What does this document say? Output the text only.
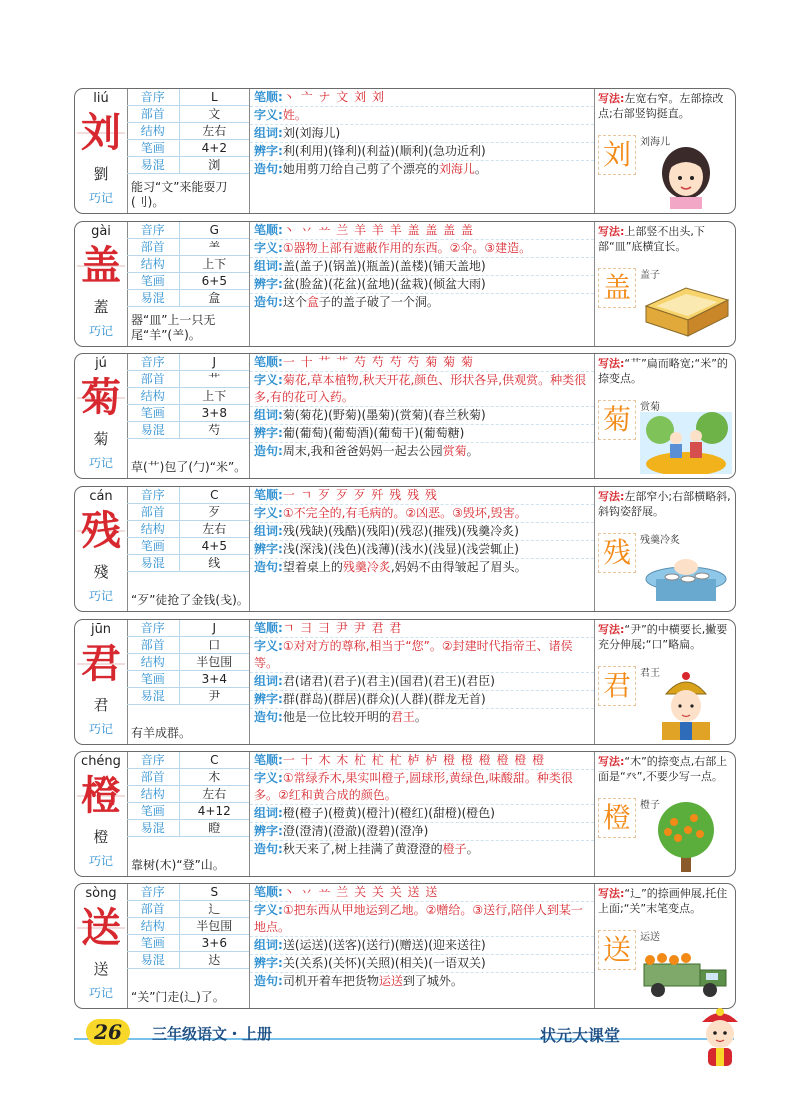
liú
刘
劉
巧记
音序	L
部首	文
结构	左右
笔画	4+2
易混	浏
能习“文”来能耍刀(刂)。
笔顺:丶 亠 ナ 文 刘 刘
字义:姓。
组词:刘(刘海儿)
辨字:利(利用)(锋利)(利益)(顺利)(急功近利)
造句:她用剪刀给自己剪了个漂亮的刘海儿。
写法:左宽右窄。左部捺改点;右部竖钩挺直。
刘 刘海儿
gài
盖
蓋
巧记
音序	G
部首	⺷
结构	上下
笔画	6+5
易混	盒
器“皿”上一只无尾“羊”(⺷)。
笔顺:丶 丷 䒑 兰 羊 羊 羊 盖 盖 盖 盖
字义:①器物上部有遮蔽作用的东西。②伞。③建造。
组词:盖(盖子)(锅盖)(瓶盖)(盖楼)(铺天盖地)
辨字:盆(脸盆)(花盆)(盆地)(盆栽)(倾盆大雨)
造句:这个盒子的盖子破了一个洞。
写法:上部竖不出头,下部“皿”底横宜长。
盖 盖子
jú
菊
菊
巧记
音序	J
部首	艹
结构	上下
笔画	3+8
易混	芍
草(艹)包了(勹)“米”。
笔顺:一 十 艹 艹 芍 芍 芍 芍 菊 菊 菊
字义:菊花,草本植物,秋天开花,颜色、形状各异,供观赏。种类很多,有的花可入药。
组词:菊(菊花)(野菊)(墨菊)(赏菊)(春兰秋菊)
辨字:葡(葡萄)(葡萄酒)(葡萄干)(葡萄糖)
造句:周末,我和爸爸妈妈一起去公园赏菊。
写法:“艹”扁而略宽;“米”的捺变点。
菊 赏菊
cán
残
殘
巧记
音序	C
部首	歹
结构	左右
笔画	4+5
易混	线
“歹”徒抢了金钱(戋)。
笔顺:一 ㄱ 歹 歹 歹 歼 残 残 残
字义:①不完全的,有毛病的。②凶恶。③毁坏,毁害。
组词:残(残缺)(残酷)(残阳)(残忍)(摧残)(残羹冷炙)
辨字:浅(深浅)(浅色)(浅薄)(浅水)(浅显)(浅尝辄止)
造句:望着桌上的残羹冷炙,妈妈不由得皱起了眉头。
写法:左部窄小;右部横略斜,斜钩姿舒展。
残 残羹冷炙
jūn
君
君
巧记
音序	J
部首	口
结构	半包围
笔画	3+4
易混	尹
有羊成群。
笔顺:ㄱ ⺕ ⺕ 尹 尹 君 君
字义:①对对方的尊称,相当于“您”。②封建时代指帝王、诸侯等。
组词:君(诸君)(君子)(君主)(国君)(君王)(君臣)
辨字:群(群岛)(群居)(群众)(人群)(群龙无首)
造句:他是一位比较开明的君王。
写法:“尹”的中横要长,撇要充分伸展;“口”略扁。
君 君王
chéng
橙
橙
巧记
音序	C
部首	木
结构	左右
笔画	4+12
易混	瞪
靠树(木)“登”山。
笔顺:一 十 木 木 杧 杧 杧 栌 栌 橙 橙 橙 橙 橙 橙
字义:①常绿乔木,果实叫橙子,圆球形,黄绿色,味酸甜。种类很多。②红和黄合成的颜色。
组词:橙(橙子)(橙黄)(橙汁)(橙红)(甜橙)(橙色)
辨字:澄(澄清)(澄澈)(澄碧)(澄净)
造句:秋天来了,树上挂满了黄澄澄的橙子。
写法:“木”的捺变点,右部上面是“癶”,不要少写一点。
橙 橙子
sòng
送
送
巧记
音序	S
部首	辶
结构	半包围
笔画	3+6
易混	达
“关”门走(辶)了。
笔顺:丶 丷 䒑 兰 关 关 关 送 送
字义:①把东西从甲地运到乙地。②赠给。③送行,陪伴人到某一地点。
组词:送(运送)(送客)(送行)(赠送)(迎来送往)
辨字:关(关系)(关怀)(关照)(相关)(一语双关)
造句:司机开着车把货物运送到了城外。
写法:“辶”的捺画伸展,托住上面;“关”末笔变点。
送 运送
26	三年级语文・上册	状元大课堂
